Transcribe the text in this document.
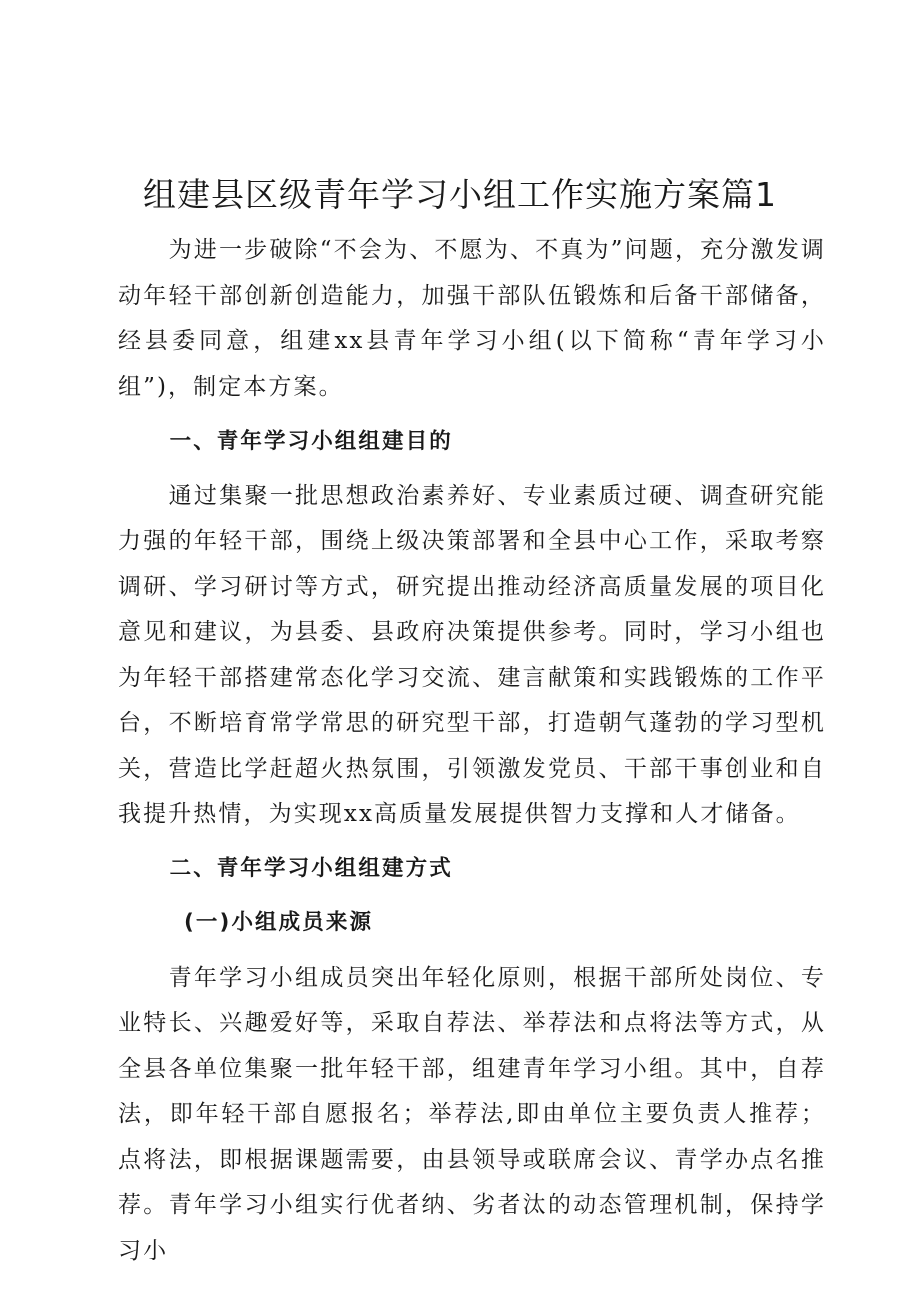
组建县区级青年学习小组工作实施方案篇1

为进一步破除“不会为、不愿为、不真为”问题，充分激发调动年轻干部创新创造能力，加强干部队伍锻炼和后备干部储备，经县委同意，组建xx县青年学习小组(以下简称“青年学习小组”)，制定本方案。

一、青年学习小组组建目的

通过集聚一批思想政治素养好、专业素质过硬、调查研究能力强的年轻干部，围绕上级决策部署和全县中心工作，采取考察调研、学习研讨等方式，研究提出推动经济高质量发展的项目化意见和建议，为县委、县政府决策提供参考。同时，学习小组也为年轻干部搭建常态化学习交流、建言献策和实践锻炼的工作平台，不断培育常学常思的研究型干部，打造朝气蓬勃的学习型机关，营造比学赶超火热氛围，引领激发党员、干部干事创业和自我提升热情，为实现xx高质量发展提供智力支撑和人才储备。

二、青年学习小组组建方式

(一)小组成员来源

青年学习小组成员突出年轻化原则，根据干部所处岗位、专业特长、兴趣爱好等，采取自荐法、举荐法和点将法等方式，从全县各单位集聚一批年轻干部，组建青年学习小组。其中，自荐法，即年轻干部自愿报名；举荐法,即由单位主要负责人推荐；点将法，即根据课题需要，由县领导或联席会议、青学办点名推荐。青年学习小组实行优者纳、劣者汰的动态管理机制，保持学习小
